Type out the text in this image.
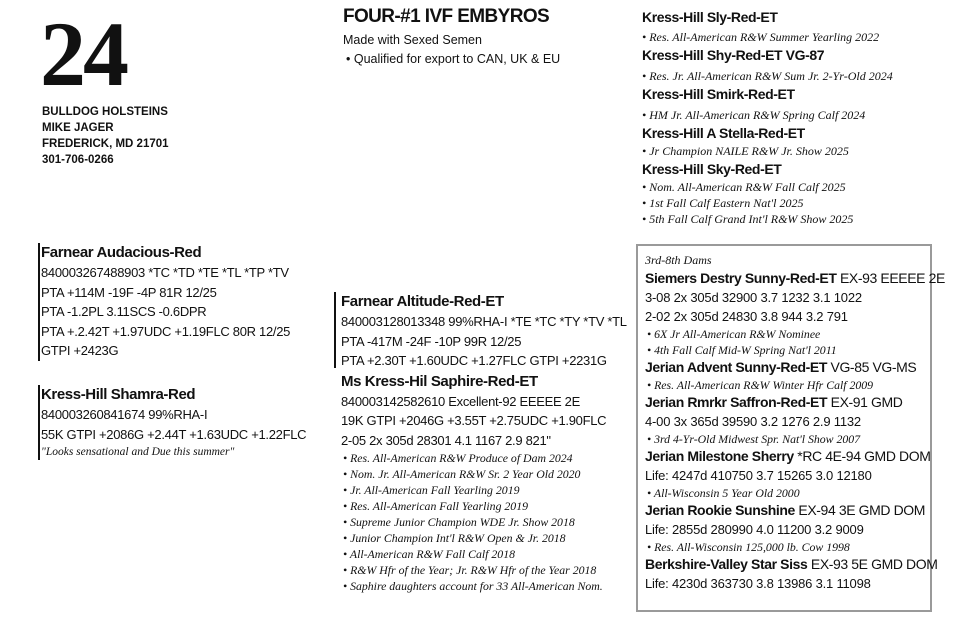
24
BULLDOG HOLSTEINS
MIKE JAGER
FREDERICK, MD 21701
301-706-0266
FOUR-#1 IVF EMBYROS
Made with Sexed Semen
• Qualified for export to CAN, UK & EU
Kress-Hill Sly-Red-ET
• Res. All-American R&W Summer Yearling 2022
Kress-Hill Shy-Red-ET VG-87
• Res. Jr. All-American R&W Sum Jr. 2-Yr-Old 2024
Kress-Hill Smirk-Red-ET
• HM Jr. All-American R&W Spring Calf 2024
Kress-Hill A Stella-Red-ET
• Jr Champion NAILE R&W Jr. Show 2025
Kress-Hill Sky-Red-ET
• Nom. All-American R&W Fall Calf 2025
• 1st Fall Calf Eastern Nat'l 2025
• 5th Fall Calf Grand Int'l R&W Show 2025
Farnear Audacious-Red
840003267488903 *TC *TD *TE *TL *TP *TV
PTA +114M -19F -4P 81R 12/25
PTA -1.2PL 3.11SCS -0.6DPR
PTA +.2.42T +1.97UDC +1.19FLC 80R 12/25
GTPI +2423G
Kress-Hill Shamra-Red
840003260841674 99%RHA-I
55K GTPI +2086G +2.44T +1.63UDC +1.22FLC
"Looks sensational and Due this summer"
Farnear Altitude-Red-ET
840003128013348 99%RHA-I *TE *TC *TY *TV *TL
PTA -417M -24F -10P 99R 12/25
PTA +2.30T +1.60UDC +1.27FLC GTPI +2231G
Ms Kress-Hil Saphire-Red-ET
840003142582610 Excellent-92 EEEEE 2E
19K GTPI +2046G +3.55T +2.75UDC +1.90FLC
2-05 2x 305d 28301 4.1 1167 2.9 821"
• Res. All-American R&W Produce of Dam 2024
• Nom. Jr. All-American R&W Sr. 2 Year Old 2020
• Jr. All-American Fall Yearling 2019
• Res. All-American Fall Yearling 2019
• Supreme Junior Champion WDE Jr. Show 2018
• Junior Champion Int'l R&W Open & Jr. 2018
• All-American R&W Fall Calf 2018
• R&W Hfr of the Year; Jr. R&W Hfr of the Year 2018
• Saphire daughters account for 33 All-American Nom.
3rd-8th Dams
Siemers Destry Sunny-Red-ET EX-93 EEEEE 2E
3-08 2x 305d 32900 3.7 1232 3.1 1022
2-02 2x 305d 24830 3.8 944 3.2 791
• 6X Jr All-American R&W Nominee
• 4th Fall Calf Mid-W Spring Nat'l 2011
Jerian Advent Sunny-Red-ET VG-85 VG-MS
• Res. All-American R&W Winter Hfr Calf 2009
Jerian Rmrkr Saffron-Red-ET EX-91 GMD
4-00 3x 365d 39590 3.2 1276 2.9 1132
• 3rd 4-Yr-Old Midwest Spr. Nat'l Show 2007
Jerian Milestone Sherry *RC 4E-94 GMD DOM
Life: 4247d 410750 3.7 15265 3.0 12180
• All-Wisconsin 5 Year Old 2000
Jerian Rookie Sunshine EX-94 3E GMD DOM
Life: 2855d 280990 4.0 11200 3.2 9009
• Res. All-Wisconsin 125,000 lb. Cow 1998
Berkshire-Valley Star Siss EX-93 5E GMD DOM
Life: 4230d 363730 3.8 13986 3.1 11098
